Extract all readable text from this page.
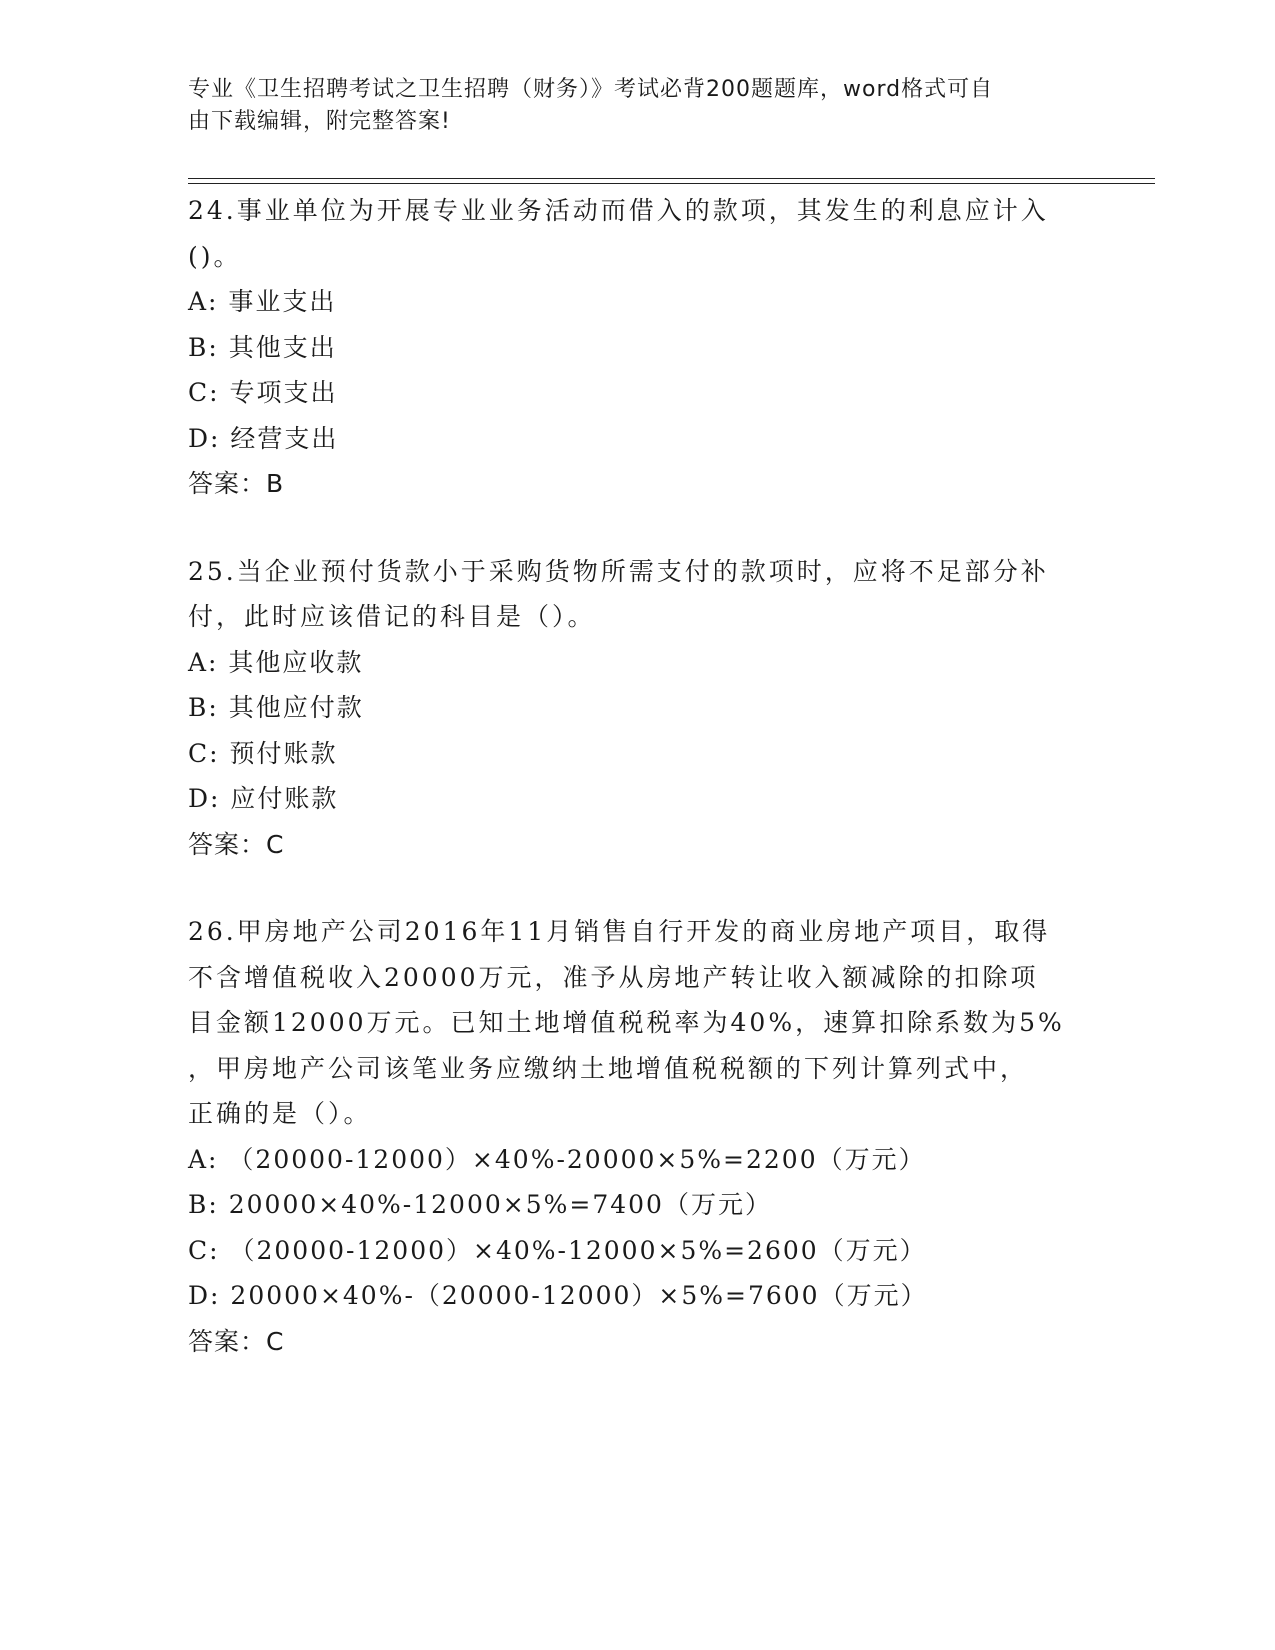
专业《卫生招聘考试之卫生招聘（财务）》考试必背200题题库，word格式可自
由下载编辑，附完整答案!

24.事业单位为开展专业业务活动而借入的款项，其发生的利息应计入

()。

A: 事业支出

B: 其他支出

C: 专项支出

D: 经营支出

答案：B

25.当企业预付货款小于采购货物所需支付的款项时，应将不足部分补

付，此时应该借记的科目是（）。

A: 其他应收款

B: 其他应付款

C: 预付账款

D: 应付账款

答案：C

26.甲房地产公司2016年11月销售自行开发的商业房地产项目，取得

不含增值税收入20000万元，准予从房地产转让收入额减除的扣除项

目金额12000万元。已知土地增值税税率为40%，速算扣除系数为5%

，甲房地产公司该笔业务应缴纳土地增值税税额的下列计算列式中，

正确的是（）。

A: （20000-12000）×40%-20000×5%=2200（万元）

B: 20000×40%-12000×5%=7400（万元）

C: （20000-12000）×40%-12000×5%=2600（万元）

D: 20000×40%-（20000-12000）×5%=7600（万元）

答案：C
